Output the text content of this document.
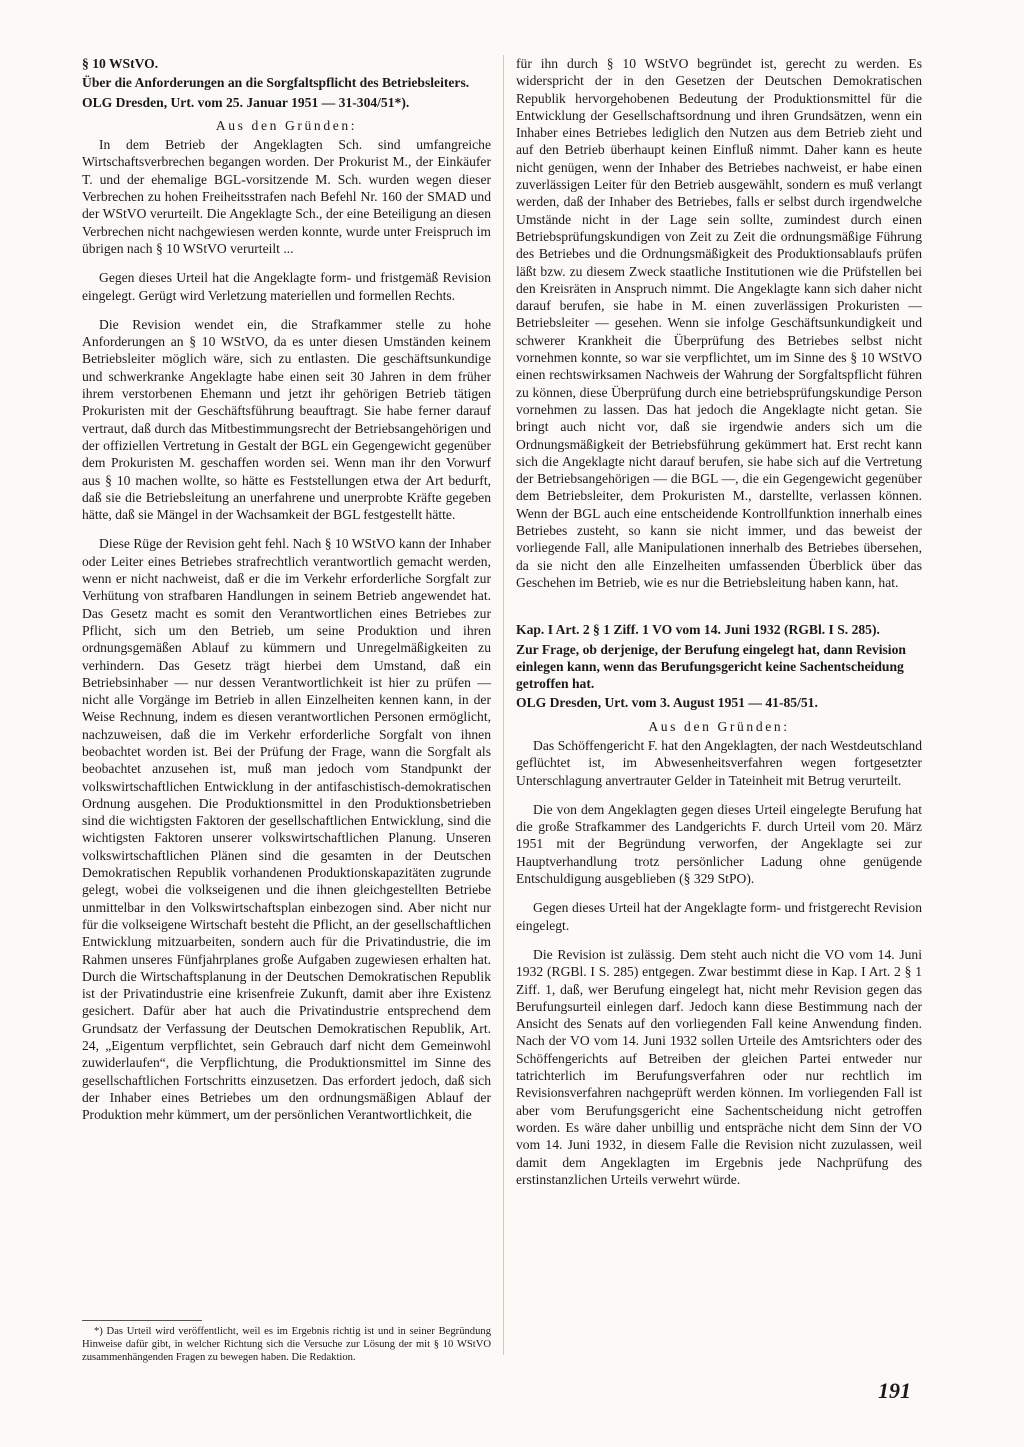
§ 10 WStVO.

Über die Anforderungen an die Sorgfaltspflicht des Betriebsleiters.

OLG Dresden, Urt. vom 25. Januar 1951 — 31-304/51*).

Aus den Gründen:

In dem Betrieb der Angeklagten Sch. sind umfangreiche Wirtschaftsverbrechen begangen worden. Der Prokurist M., der Einkäufer T. und der ehemalige BGL-vorsitzende M. Sch. wurden wegen dieser Verbrechen zu hohen Freiheitsstrafen nach Befehl Nr. 160 der SMAD und der WStVO verurteilt. Die Angeklagte Sch., der eine Beteiligung an diesen Verbrechen nicht nachgewiesen werden konnte, wurde unter Freispruch im übrigen nach § 10 WStVO verurteilt ...

Gegen dieses Urteil hat die Angeklagte form- und fristgemäß Revision eingelegt. Gerügt wird Verletzung materiellen und formellen Rechts.

Die Revision wendet ein, die Strafkammer stelle zu hohe Anforderungen an § 10 WStVO, da es unter diesen Umständen keinem Betriebsleiter möglich wäre, sich zu entlasten. Die geschäftsunkundige und schwerkranke Angeklagte habe einen seit 30 Jahren in dem früher ihrem verstorbenen Ehemann und jetzt ihr gehörigen Betrieb tätigen Prokuristen mit der Geschäftsführung beauftragt. Sie habe ferner darauf vertraut, daß durch das Mitbestimmungsrecht der Betriebsangehörigen und der offiziellen Vertretung in Gestalt der BGL ein Gegengewicht gegenüber dem Prokuristen M. geschaffen worden sei. Wenn man ihr den Vorwurf aus § 10 machen wollte, so hätte es Feststellungen etwa der Art bedurft, daß sie die Betriebsleitung an unerfahrene und unerprobte Kräfte gegeben hätte, daß sie Mängel in der Wachsamkeit der BGL festgestellt hätte.

Diese Rüge der Revision geht fehl. Nach § 10 WStVO kann der Inhaber oder Leiter eines Betriebes strafrechtlich verantwortlich gemacht werden, wenn er nicht nachweist, daß er die im Verkehr erforderliche Sorgfalt zur Verhütung von strafbaren Handlungen in seinem Betrieb angewendet hat. Das Gesetz macht es somit den Verantwortlichen eines Betriebes zur Pflicht, sich um den Betrieb, um seine Produktion und ihren ordnungsgemäßen Ablauf zu kümmern und Unregelmäßigkeiten zu verhindern. Das Gesetz trägt hierbei dem Umstand, daß ein Betriebsinhaber — nur dessen Verantwortlichkeit ist hier zu prüfen — nicht alle Vorgänge im Betrieb in allen Einzelheiten kennen kann, in der Weise Rechnung, indem es diesen verantwortlichen Personen ermöglicht, nachzuweisen, daß die im Verkehr erforderliche Sorgfalt von ihnen beobachtet worden ist. Bei der Prüfung der Frage, wann die Sorgfalt als beobachtet anzusehen ist, muß man jedoch vom Standpunkt der volkswirtschaftlichen Entwicklung in der antifaschistisch-demokratischen Ordnung ausgehen. Die Produktionsmittel in den Produktionsbetrieben sind die wichtigsten Faktoren der gesellschaftlichen Entwicklung, sind die wichtigsten Faktoren unserer volkswirtschaftlichen Planung. Unseren volkswirtschaftlichen Plänen sind die gesamten in der Deutschen Demokratischen Republik vorhandenen Produktionskapazitäten zugrunde gelegt, wobei die volkseigenen und die ihnen gleichgestellten Betriebe unmittelbar in den Volkswirtschaftsplan einbezogen sind. Aber nicht nur für die volkseigene Wirtschaft besteht die Pflicht, an der gesellschaftlichen Entwicklung mitzuarbeiten, sondern auch für die Privatindustrie, die im Rahmen unseres Fünfjahrplanes große Aufgaben zugewiesen erhalten hat. Durch die Wirtschaftsplanung in der Deutschen Demokratischen Republik ist der Privatindustrie eine krisenfreie Zukunft, damit aber ihre Existenz gesichert. Dafür aber hat auch die Privatindustrie entsprechend dem Grundsatz der Verfassung der Deutschen Demokratischen Republik, Art. 24, „Eigentum verpflichtet, sein Gebrauch darf nicht dem Gemeinwohl zuwiderlaufen“, die Verpflichtung, die Produktionsmittel im Sinne des gesellschaftlichen Fortschritts einzusetzen. Das erfordert jedoch, daß sich der Inhaber eines Betriebes um den ordnungsmäßigen Ablauf der Produktion mehr kümmert, um der persönlichen Verantwortlichkeit, die

für ihn durch § 10 WStVO begründet ist, gerecht zu werden. Es widerspricht der in den Gesetzen der Deutschen Demokratischen Republik hervorgehobenen Bedeutung der Produktionsmittel für die Entwicklung der Gesellschaftsordnung und ihren Grundsätzen, wenn ein Inhaber eines Betriebes lediglich den Nutzen aus dem Betrieb zieht und auf den Betrieb überhaupt keinen Einfluß nimmt. Daher kann es heute nicht genügen, wenn der Inhaber des Betriebes nachweist, er habe einen zuverlässigen Leiter für den Betrieb ausgewählt, sondern es muß verlangt werden, daß der Inhaber des Betriebes, falls er selbst durch irgendwelche Umstände nicht in der Lage sein sollte, zumindest durch einen Betriebsprüfungskundigen von Zeit zu Zeit die ordnungsmäßige Führung des Betriebes und die Ordnungsmäßigkeit des Produktionsablaufs prüfen läßt bzw. zu diesem Zweck staatliche Institutionen wie die Prüfstellen bei den Kreisräten in Anspruch nimmt. Die Angeklagte kann sich daher nicht darauf berufen, sie habe in M. einen zuverlässigen Prokuristen — Betriebsleiter — gesehen. Wenn sie infolge Geschäftsunkundigkeit und schwerer Krankheit die Überprüfung des Betriebes selbst nicht vornehmen konnte, so war sie verpflichtet, um im Sinne des § 10 WStVO einen rechtswirksamen Nachweis der Wahrung der Sorgfaltspflicht führen zu können, diese Überprüfung durch eine betriebsprüfungskundige Person vornehmen zu lassen. Das hat jedoch die Angeklagte nicht getan. Sie bringt auch nicht vor, daß sie irgendwie anders sich um die Ordnungsmäßigkeit der Betriebsführung gekümmert hat. Erst recht kann sich die Angeklagte nicht darauf berufen, sie habe sich auf die Vertretung der Betriebsangehörigen — die BGL —, die ein Gegengewicht gegenüber dem Betriebsleiter, dem Prokuristen M., darstellte, verlassen können. Wenn der BGL auch eine entscheidende Kontrollfunktion innerhalb eines Betriebes zusteht, so kann sie nicht immer, und das beweist der vorliegende Fall, alle Manipulationen innerhalb des Betriebes übersehen, da sie nicht den alle Einzelheiten umfassenden Überblick über das Geschehen im Betrieb, wie es nur die Betriebsleitung haben kann, hat.

Kap. I Art. 2 § 1 Ziff. 1 VO vom 14. Juni 1932 (RGBl. I S. 285).

Zur Frage, ob derjenige, der Berufung eingelegt hat, dann Revision einlegen kann, wenn das Berufungsgericht keine Sachentscheidung getroffen hat.

OLG Dresden, Urt. vom 3. August 1951 — 41-85/51.

Aus den Gründen:

Das Schöffengericht F. hat den Angeklagten, der nach Westdeutschland geflüchtet ist, im Abwesenheitsverfahren wegen fortgesetzter Unterschlagung anvertrauter Gelder in Tateinheit mit Betrug verurteilt.

Die von dem Angeklagten gegen dieses Urteil eingelegte Berufung hat die große Strafkammer des Landgerichts F. durch Urteil vom 20. März 1951 mit der Begründung verworfen, der Angeklagte sei zur Hauptverhandlung trotz persönlicher Ladung ohne genügende Entschuldigung ausgeblieben (§ 329 StPO).

Gegen dieses Urteil hat der Angeklagte form- und fristgerecht Revision eingelegt.

Die Revision ist zulässig. Dem steht auch nicht die VO vom 14. Juni 1932 (RGBl. I S. 285) entgegen. Zwar bestimmt diese in Kap. I Art. 2 § 1 Ziff. 1, daß, wer Berufung eingelegt hat, nicht mehr Revision gegen das Berufungsurteil einlegen darf. Jedoch kann diese Bestimmung nach der Ansicht des Senats auf den vorliegenden Fall keine Anwendung finden. Nach der VO vom 14. Juni 1932 sollen Urteile des Amtsrichters oder des Schöffengerichts auf Betreiben der gleichen Partei entweder nur tatrichterlich im Berufungsverfahren oder nur rechtlich im Revisionsverfahren nachgeprüft werden können. Im vorliegenden Fall ist aber vom Berufungsgericht eine Sachentscheidung nicht getroffen worden. Es wäre daher unbillig und entspräche nicht dem Sinn der VO vom 14. Juni 1932, in diesem Falle die Revision nicht zuzulassen, weil damit dem Angeklagten im Ergebnis jede Nachprüfung des erstinstanzlichen Urteils verwehrt würde.

*) Das Urteil wird veröffentlicht, weil es im Ergebnis richtig ist und in seiner Begründung Hinweise dafür gibt, in welcher Richtung sich die Versuche zur Lösung der mit § 10 WStVO zusammenhängenden Fragen zu bewegen haben. Die Redaktion.

191
